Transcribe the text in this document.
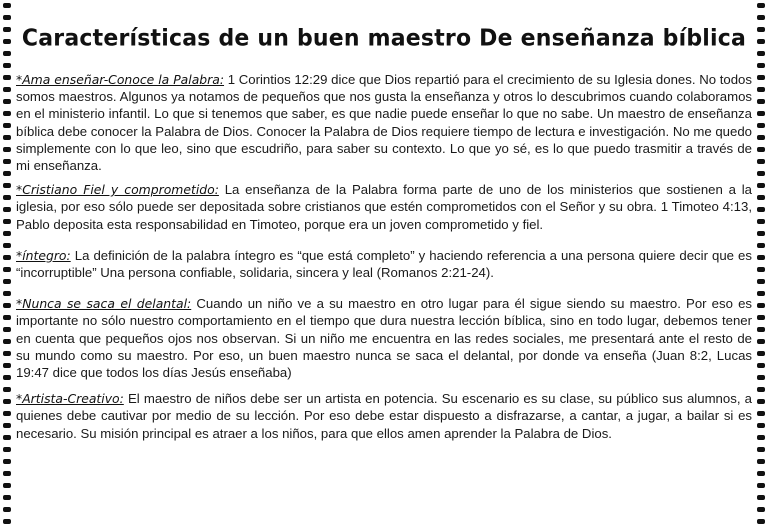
Características de un buen maestro De enseñanza bíblica

*Ama enseñar-Conoce la Palabra: 1 Corintios 12:29 dice que Dios repartió para el crecimiento de su Iglesia dones. No todos somos maestros. Algunos ya notamos de pequeños que nos gusta la enseñanza y otros lo descubrimos cuando colaboramos en el ministerio infantil. Lo que si tenemos que saber, es que nadie puede enseñar lo que no sabe. Un maestro de enseñanza bíblica debe conocer la Palabra de Dios. Conocer la Palabra de Dios requiere tiempo de lectura e investigación. No me quedo simplemente con lo que leo, sino que escudriño, para saber su contexto. Lo que yo sé, es lo que puedo trasmitir a través de mi enseñanza.

*Cristiano Fiel y comprometido: La enseñanza de la Palabra forma parte de uno de los ministerios que sostienen a la iglesia, por eso sólo puede ser depositada sobre cristianos que estén comprometidos con el Señor y su obra. 1 Timoteo 4:13, Pablo deposita esta responsabilidad en Timoteo, porque era un joven comprometido y fiel.

*íntegro: La definición de la palabra íntegro es “que está completo” y haciendo referencia a una persona quiere decir que es “incorruptible” Una persona confiable, solidaria, sincera y leal (Romanos 2:21-24).

*Nunca se saca el delantal: Cuando un niño ve a su maestro en otro lugar para él sigue siendo su maestro. Por eso es importante no sólo nuestro comportamiento en el tiempo que dura nuestra lección bíblica, sino en todo lugar, debemos tener en cuenta que pequeños ojos nos observan. Si un niño me encuentra en las redes sociales, me presentará ante el resto de su mundo como su maestro. Por eso, un buen maestro nunca se saca el delantal, por donde va enseña (Juan 8:2, Lucas 19:47 dice que todos los días Jesús enseñaba)

*Artista-Creativo: El maestro de niños debe ser un artista en potencia. Su escenario es su clase, su público sus alumnos, a quienes debe cautivar por medio de su lección. Por eso debe estar dispuesto a disfrazarse, a cantar, a jugar, a bailar si es necesario. Su misión principal es atraer a los niños, para que ellos amen aprender la Palabra de Dios.
